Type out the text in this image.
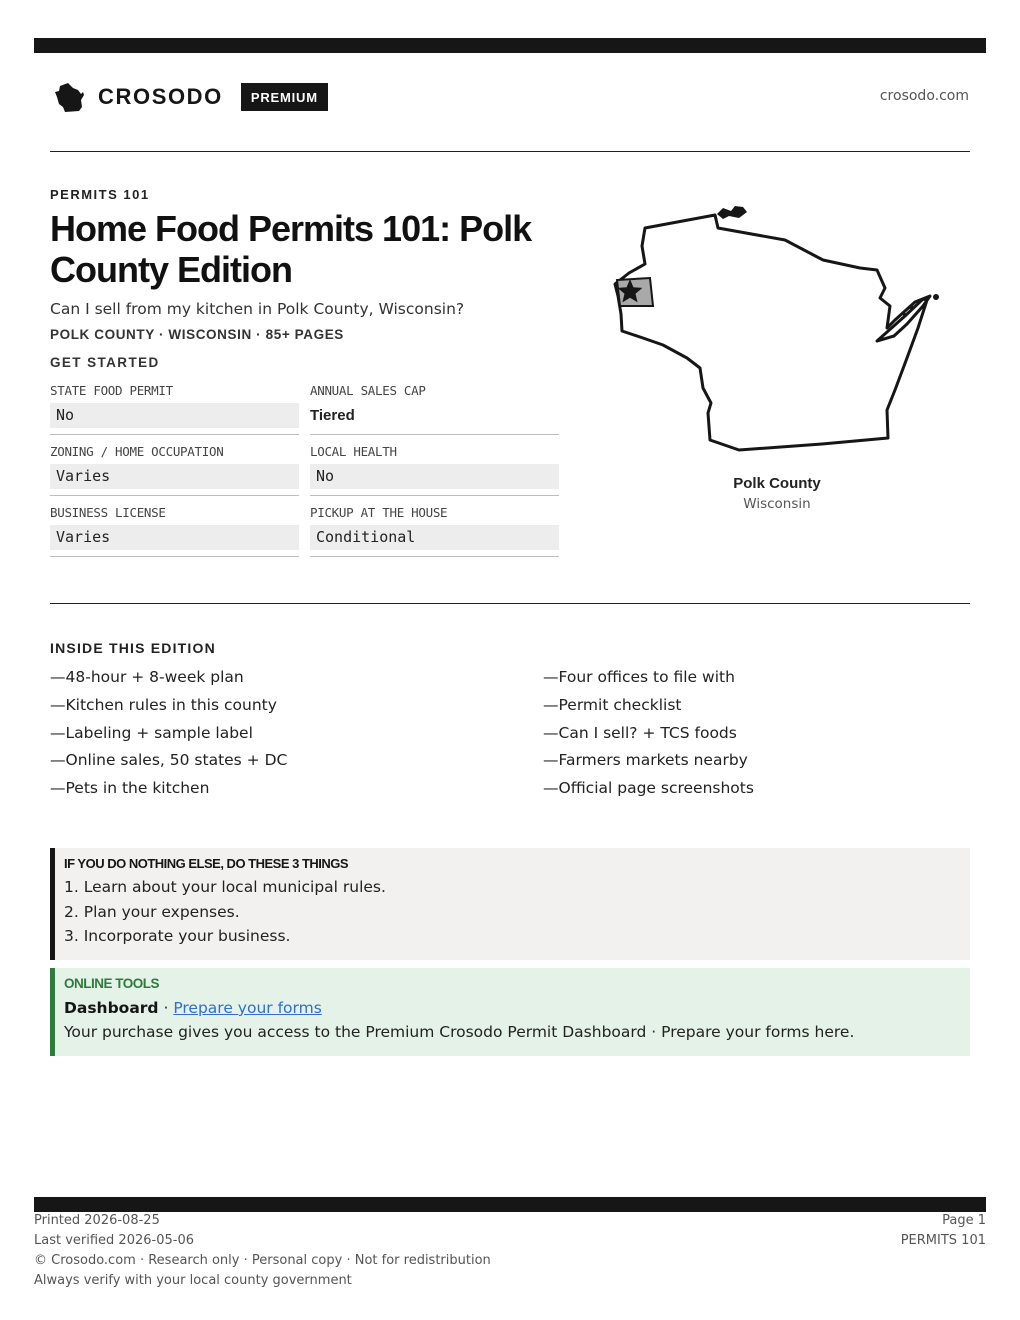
CROSODO	PREMIUM	crosodo.com
PERMITS 101
Home Food Permits 101: Polk County Edition
Can I sell from my kitchen in Polk County, Wisconsin?
POLK COUNTY · WISCONSIN · 85+ PAGES
GET STARTED
STATE FOOD PERMIT
No
ANNUAL SALES CAP
Tiered
ZONING / HOME OCCUPATION
Varies
LOCAL HEALTH
No
BUSINESS LICENSE
Varies
PICKUP AT THE HOUSE
Conditional
Polk County
Wisconsin
INSIDE THIS EDITION
—48-hour + 8-week plan
—Kitchen rules in this county
—Labeling + sample label
—Online sales, 50 states + DC
—Pets in the kitchen
—Four offices to file with
—Permit checklist
—Can I sell? + TCS foods
—Farmers markets nearby
—Official page screenshots
IF YOU DO NOTHING ELSE, DO THESE 3 THINGS
1. Learn about your local municipal rules.
2. Plan your expenses.
3. Incorporate your business.
ONLINE TOOLS
Dashboard · Prepare your forms
Your purchase gives you access to the Premium Crosodo Permit Dashboard · Prepare your forms here.
Printed 2026-08-25
Last verified 2026-05-06
© Crosodo.com · Research only · Personal copy · Not for redistribution
Always verify with your local county government
Page 1
PERMITS 101
